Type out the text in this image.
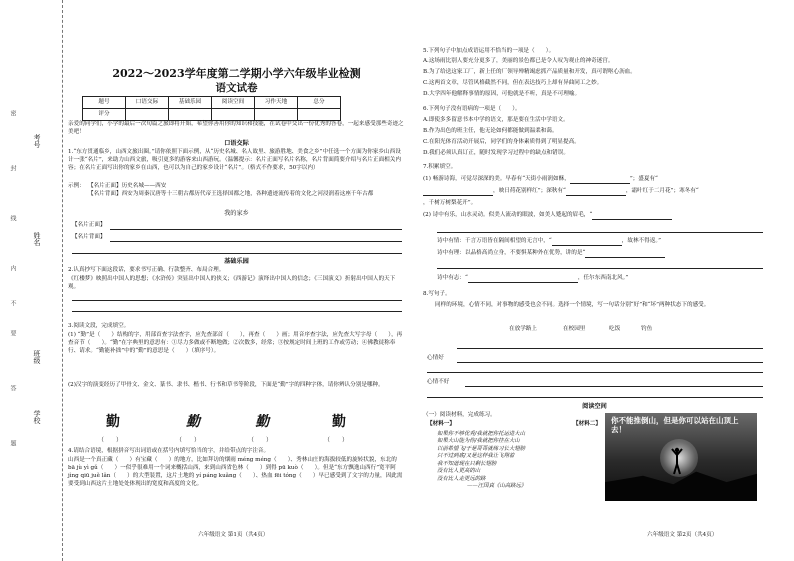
考号
姓名
班级
学校
密
封
线
内
不
要
答
题
2022～2023学年度第二学期小学六年级毕业检测
语文试卷
题号	口语交际	基础乐园	阅读空间	习作天地	总分
评分					
亲爱的同学们，小学的最后一次旬篇之旅即将开始，希望你善用你的知识和技能，在试卷中交出一份优秀的答卷，一起来感受那些奇迹之美吧！
口语交际
1.“东方贯通临乡，山西文旅出圈。”请你依照下面示例，从“历史名城、名人故里、旅游胜地、美食之乡”中任选一个方面为你家乡山西设计一张“名片”，来助力山西文旅，吸引更多的游客来山西游玩。（温馨提示：名片正面写名片名称，名片背面简要介绍与名片正面相关内容；在名片正面写出你的家乡在山西，也可以为自己的家乡设计“名片”。（格式不作要求，50字以内）
示例： 【名片正面】历史名城——西安
【名片背面】西安为周秦汉唐等十三朝古都历代帝王选择国都之地，各种遗迹流传着的文化之河浸润着这座千年古都
我的家乡
【名片正面】
【名片背面】
基础乐园
2.认真抄写下面这段话，要求书写正确、行款整齐、布局合理。
《红楼梦》映照出中国人的思想；《水浒传》突显出中国人的侠义；《西游记》演绎出中国人的信念；《三国演义》折射出中国人的天下观。
3.阅读文段，完成填空。
(1) “勤”是（　　）结构的字，用部首查字法查字，应先查部首（　　），再查（　　）画；用音序查字法，应先查大写字母（　　），再查音节（　　）。“勤”在字典里的意思有：①尽力多做或不断地做；②次数多，经常；③按规定时间上班的工作或劳动；④佛教徒称奉行、请求。“勤能补拙”中的“勤”的意思是（　　）（填序号）。
(2)汉字的演变经历了甲骨文、金文、篆书、隶书、楷书、行书和草书等阶段，下面是“勤”字的四种字体，请你辨认分别是哪种。
勤	勤	勤	勤
（　　）	（　　）	（　　）	（　　）
4.请结合语境，根据拼音写出词语或在括号内填写恰当的字，并给带点的字注音。
山西是一个真正藏（　　）有宝藏（　　）的地方，比如拜访的烟雨 méng méng（　　）、秀林山庄的海拔较低的旋转状貌，东北的 bā jù yì gǔ（　　）一似乎很难用一个词来概括山西，来到山西省色林（　　）到得 pū kuò（　　）。但是“东方飘逸山西行”宽平阿 jìng qiū juě lǎn（　　）的大型装置，这片土地的 yí páng kuǎng（　　）、热血 fēi tóng（　　）早已感受到了文字的力量，因此需要受到山西这片土地处处体现出的宽度和高度的文化。
六年级语文 第1页（共4页）
5.下列句子中加点成语运用不恰当的一项是（　　）。
A.这场雨比别人要充分更多了，美丽的景色都已是令人叹为观止的神奇迷宫。
B.为了给送这家工厂，新上任的厂领导殚精竭虑抓产品质量和开发，真可谓呕心沥血。
C.这两首文章，尽管风格截然不同，但在表达技巧上却有异曲同工之妙。
D.大学四年他解释事情的原因，可他就是不听，真是不可理喻。
6.下列句子没有语病的一项是（　　）。
A.即使多多留意书本中学的语文，那是要在生活中学语文。
B.作为出色的班主任，他无论如何都能做到温柔和蔼。
C.在阳光体育活动开展后，同学们的身体素质得到了明显提高。
D.我们必须认真订正，随时发现学习过程中的缺点和错误。
7.积累填空。
(1) 畅游诗海，可觉尽深深的美。早春有“天街小雨润如酥，	”；盛夏有“
，映日荷花别样红”；深秋有“	，霜叶红于二月花”；寒冬有“
，千树万树梨花开”。
(2) 诗中有乐，山水灵动。似美人流动的眼波，如美人蹙起的眉毛，“
诗中有情：千言万语皆在隔间相望的无言中，“	，故林不得返。”
诗中有理：以品格高尚立身，不要惧某种外在优势，讲的是“
诗中有志：“	，任尔东西南北风。”
8.写句子。
同样的环境，心情不同，对事物的感受也会不同。选择一个情境，写一句话分别“好”和“坏”两种状态下的感受。
在放学路上	在校园里	吃饭	钓鱼
心情好
心情不好
阅读空间
（一）阅读材料，完成练习。
【材料一】	【材料二】
如果你不够优秀/我就把你托运进大山
如果大山能为你/我就把你挂在大山
以前希望飞/于是哥哥就练习长大翅膀
只不过到底/又是这样我让飞翔着
我不知道现在只剩长翅膀
没有比人更高的山
没有比人走更远的路
——汪国真《山高路远》
你不能推倒山，但是你可以站在山顶上去！
六年级语文 第2页（共4页）
